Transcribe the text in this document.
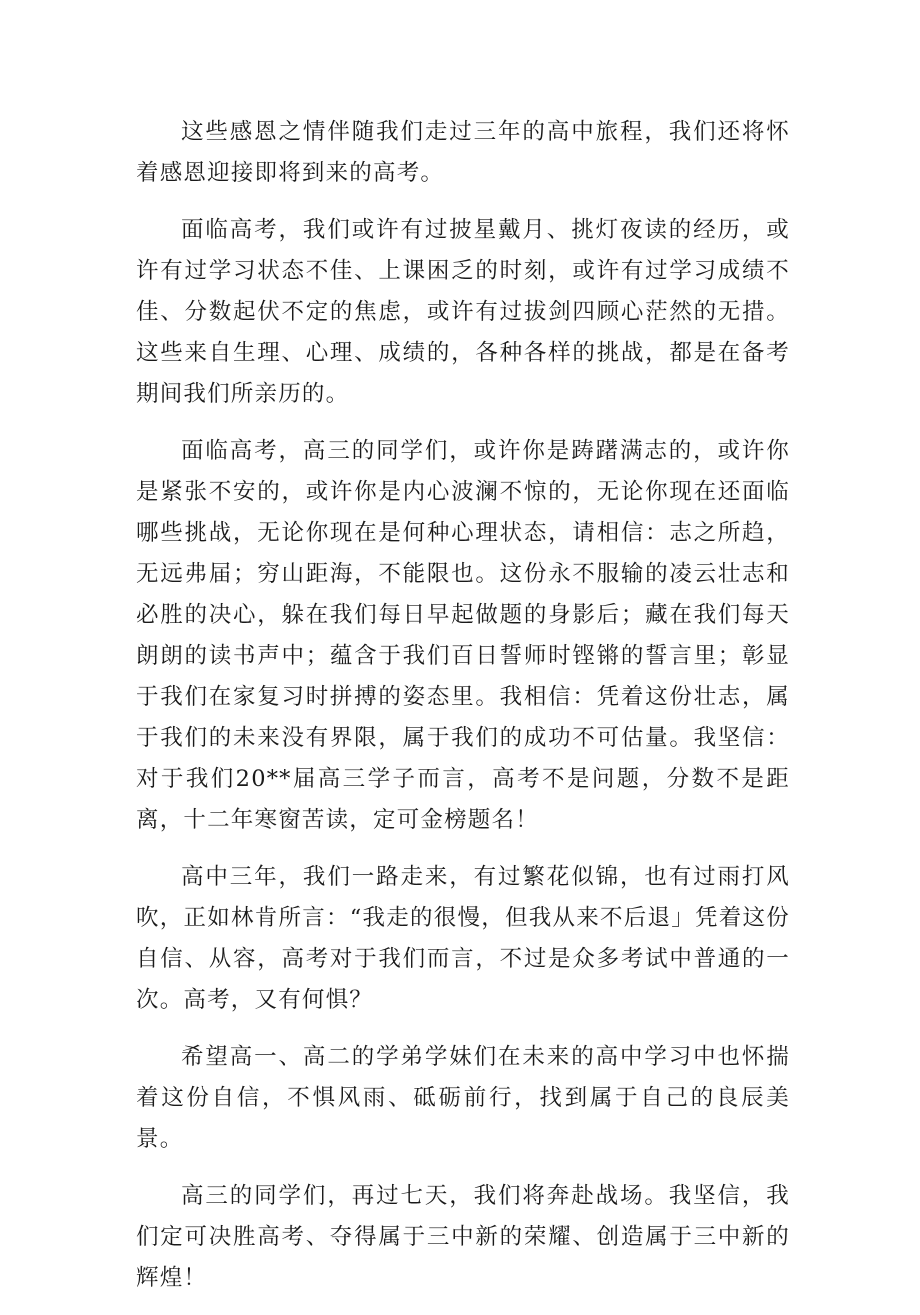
这些感恩之情伴随我们走过三年的高中旅程，我们还将怀着感恩迎接即将到来的高考。

面临高考，我们或许有过披星戴月、挑灯夜读的经历，或许有过学习状态不佳、上课困乏的时刻，或许有过学习成绩不佳、分数起伏不定的焦虑，或许有过拔剑四顾心茫然的无措。这些来自生理、心理、成绩的，各种各样的挑战，都是在备考期间我们所亲历的。

面临高考，高三的同学们，或许你是踌躇满志的，或许你是紧张不安的，或许你是内心波澜不惊的，无论你现在还面临哪些挑战，无论你现在是何种心理状态，请相信：志之所趋，无远弗届；穷山距海，不能限也。这份永不服输的凌云壮志和必胜的决心，躲在我们每日早起做题的身影后；藏在我们每天朗朗的读书声中；蕴含于我们百日誓师时铿锵的誓言里；彰显于我们在家复习时拼搏的姿态里。我相信：凭着这份壮志，属于我们的未来没有界限，属于我们的成功不可估量。我坚信：对于我们20**届高三学子而言，高考不是问题，分数不是距离，十二年寒窗苦读，定可金榜题名！

高中三年，我们一路走来，有过繁花似锦，也有过雨打风吹，正如林肯所言：“我走的很慢，但我从来不后退」凭着这份自信、从容，高考对于我们而言，不过是众多考试中普通的一次。高考，又有何惧？

希望高一、高二的学弟学妹们在未来的高中学习中也怀揣着这份自信，不惧风雨、砥砺前行，找到属于自己的良辰美景。

高三的同学们，再过七天，我们将奔赴战场。我坚信，我们定可决胜高考、夺得属于三中新的荣耀、创造属于三中新的辉煌！
